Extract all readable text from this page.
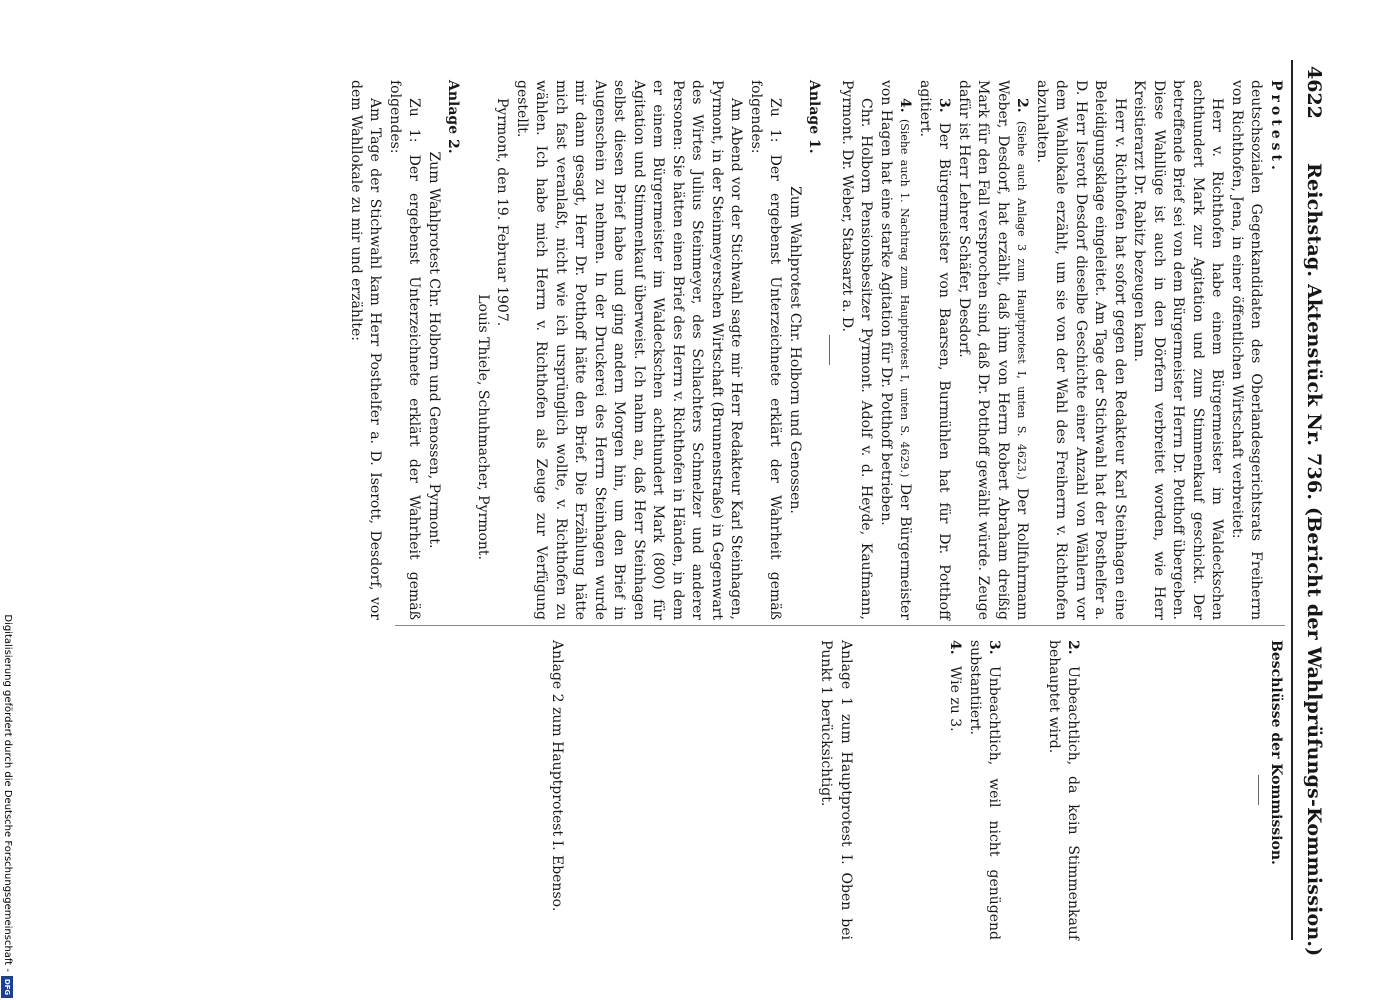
4622
Reichstag. Aktenstück Nr. 736. (Bericht der Wahlprüfungs-Kommission.)

Protest.

deutschsozialen Gegenkandidaten des Oberlandesgerichtsrats Freiherrn von Richthofen, Jena, in einer öffentlichen Wirtschaft verbreitet:

Herr v. Richthofen habe einem Bürgermeister im Waldeckschen achthundert Mark zur Agitation und zum Stimmenkauf geschickt. Der betreffende Brief sei von dem Bürgermeister Herrn Dr. Potthoff übergeben. Diese Wahllüge ist auch in den Dörfern verbreitet worden, wie Herr Kreistierarzt Dr. Rabitz bezeugen kann.

Herr v. Richthofen hat sofort gegen den Redakteur Karl Steinhagen eine Beleidigungsklage eingeleitet. Am Tage der Stichwahl hat der Posthelfer a. D. Herr Iserott Desdorf dieselbe Geschichte einer Anzahl von Wählern vor dem Wahllokale erzählt, um sie von der Wahl des Freiherrn v. Richthofen abzuhalten.

2. (Siehe auch Anlage 3 zum Hauptprotest I, unten S. 4623.) Der Rollfuhrmann Weber, Desdorf, hat erzählt, daß ihm von Herrn Robert Abraham dreißig Mark für den Fall versprochen sind, daß Dr. Potthoff gewählt würde. Zeuge dafür ist Herr Lehrer Schäfer, Desdorf.

3. Der Bürgermeister von Baarsen, Burmühlen hat für Dr. Potthoff agitiert.

4. (Siehe auch 1. Nachtrag zum Hauptprotest I, unten S. 4629.) Der Bürgermeister von Hagen hat eine starke Agitation für Dr. Potthoff betrieben.

Chr. Holborn Pensionsbesitzer Pyrmont. Adolf v. d. Heyde, Kaufmann, Pyrmont. Dr. Weber, Stabsarzt a. D.

Anlage 1.

Zum Wahlprotest Chr. Holborn und Genossen.

Zu 1: Der ergebenst Unterzeichnete erklärt der Wahrheit gemäß folgendes:

Am Abend vor der Stichwahl sagte mir Herr Redakteur Karl Steinhagen, Pyrmont, in der Steinmeyerschen Wirtschaft (Brunnenstraße) in Gegenwart des Wirtes Julius Steinmeyer, des Schlachters Schmelzer und anderer Personen: Sie hätten einen Brief des Herrn v. Richthofen in Händen, in dem er einem Bürgermeister im Waldeckschen achthundert Mark (800) für Agitation und Stimmenkauf überweist. Ich nahm an, daß Herr Steinhagen selbst diesen Brief habe und ging andern Morgen hin, um den Brief in Augenschein zu nehmen. In der Druckerei des Herrn Steinhagen wurde mir dann gesagt, Herr Dr. Potthoff hätte den Brief. Die Erzählung hätte mich fast veranlaßt, nicht wie ich ursprünglich wollte, v. Richthofen zu wählen. Ich habe mich Herrn v. Richthofen als Zeuge zur Verfügung gestellt.

Pyrmont, den 19. Februar 1907.

Louis Thiele, Schuhmacher, Pyrmont.

Anlage 2.

Zum Wahlprotest Chr. Holborn und Genossen, Pyrmont.

Zu 1: Der ergebenst Unterzeichnete erklärt der Wahrheit gemäß folgendes:

Am Tage der Stichwahl kam Herr Posthelfer a. D. Iserott, Desdorf, vor dem Wahllokale zu mir und erzählte:

Beschlüsse der Kommission.

2.Unbeachtlich, da kein Stimmenkauf behauptet wird.

3.Unbeachtlich, weil nicht genügend substantiiert.

4.Wie zu 3.

Anlage 1 zum Hauptprotest I. Oben bei Punkt 1 berücksichtigt.

Anlage 2 zum Hauptprotest I. Ebenso.

Digitalisierung gefördert durch die Deutsche Forschungsgemeinschaft -
DFG
